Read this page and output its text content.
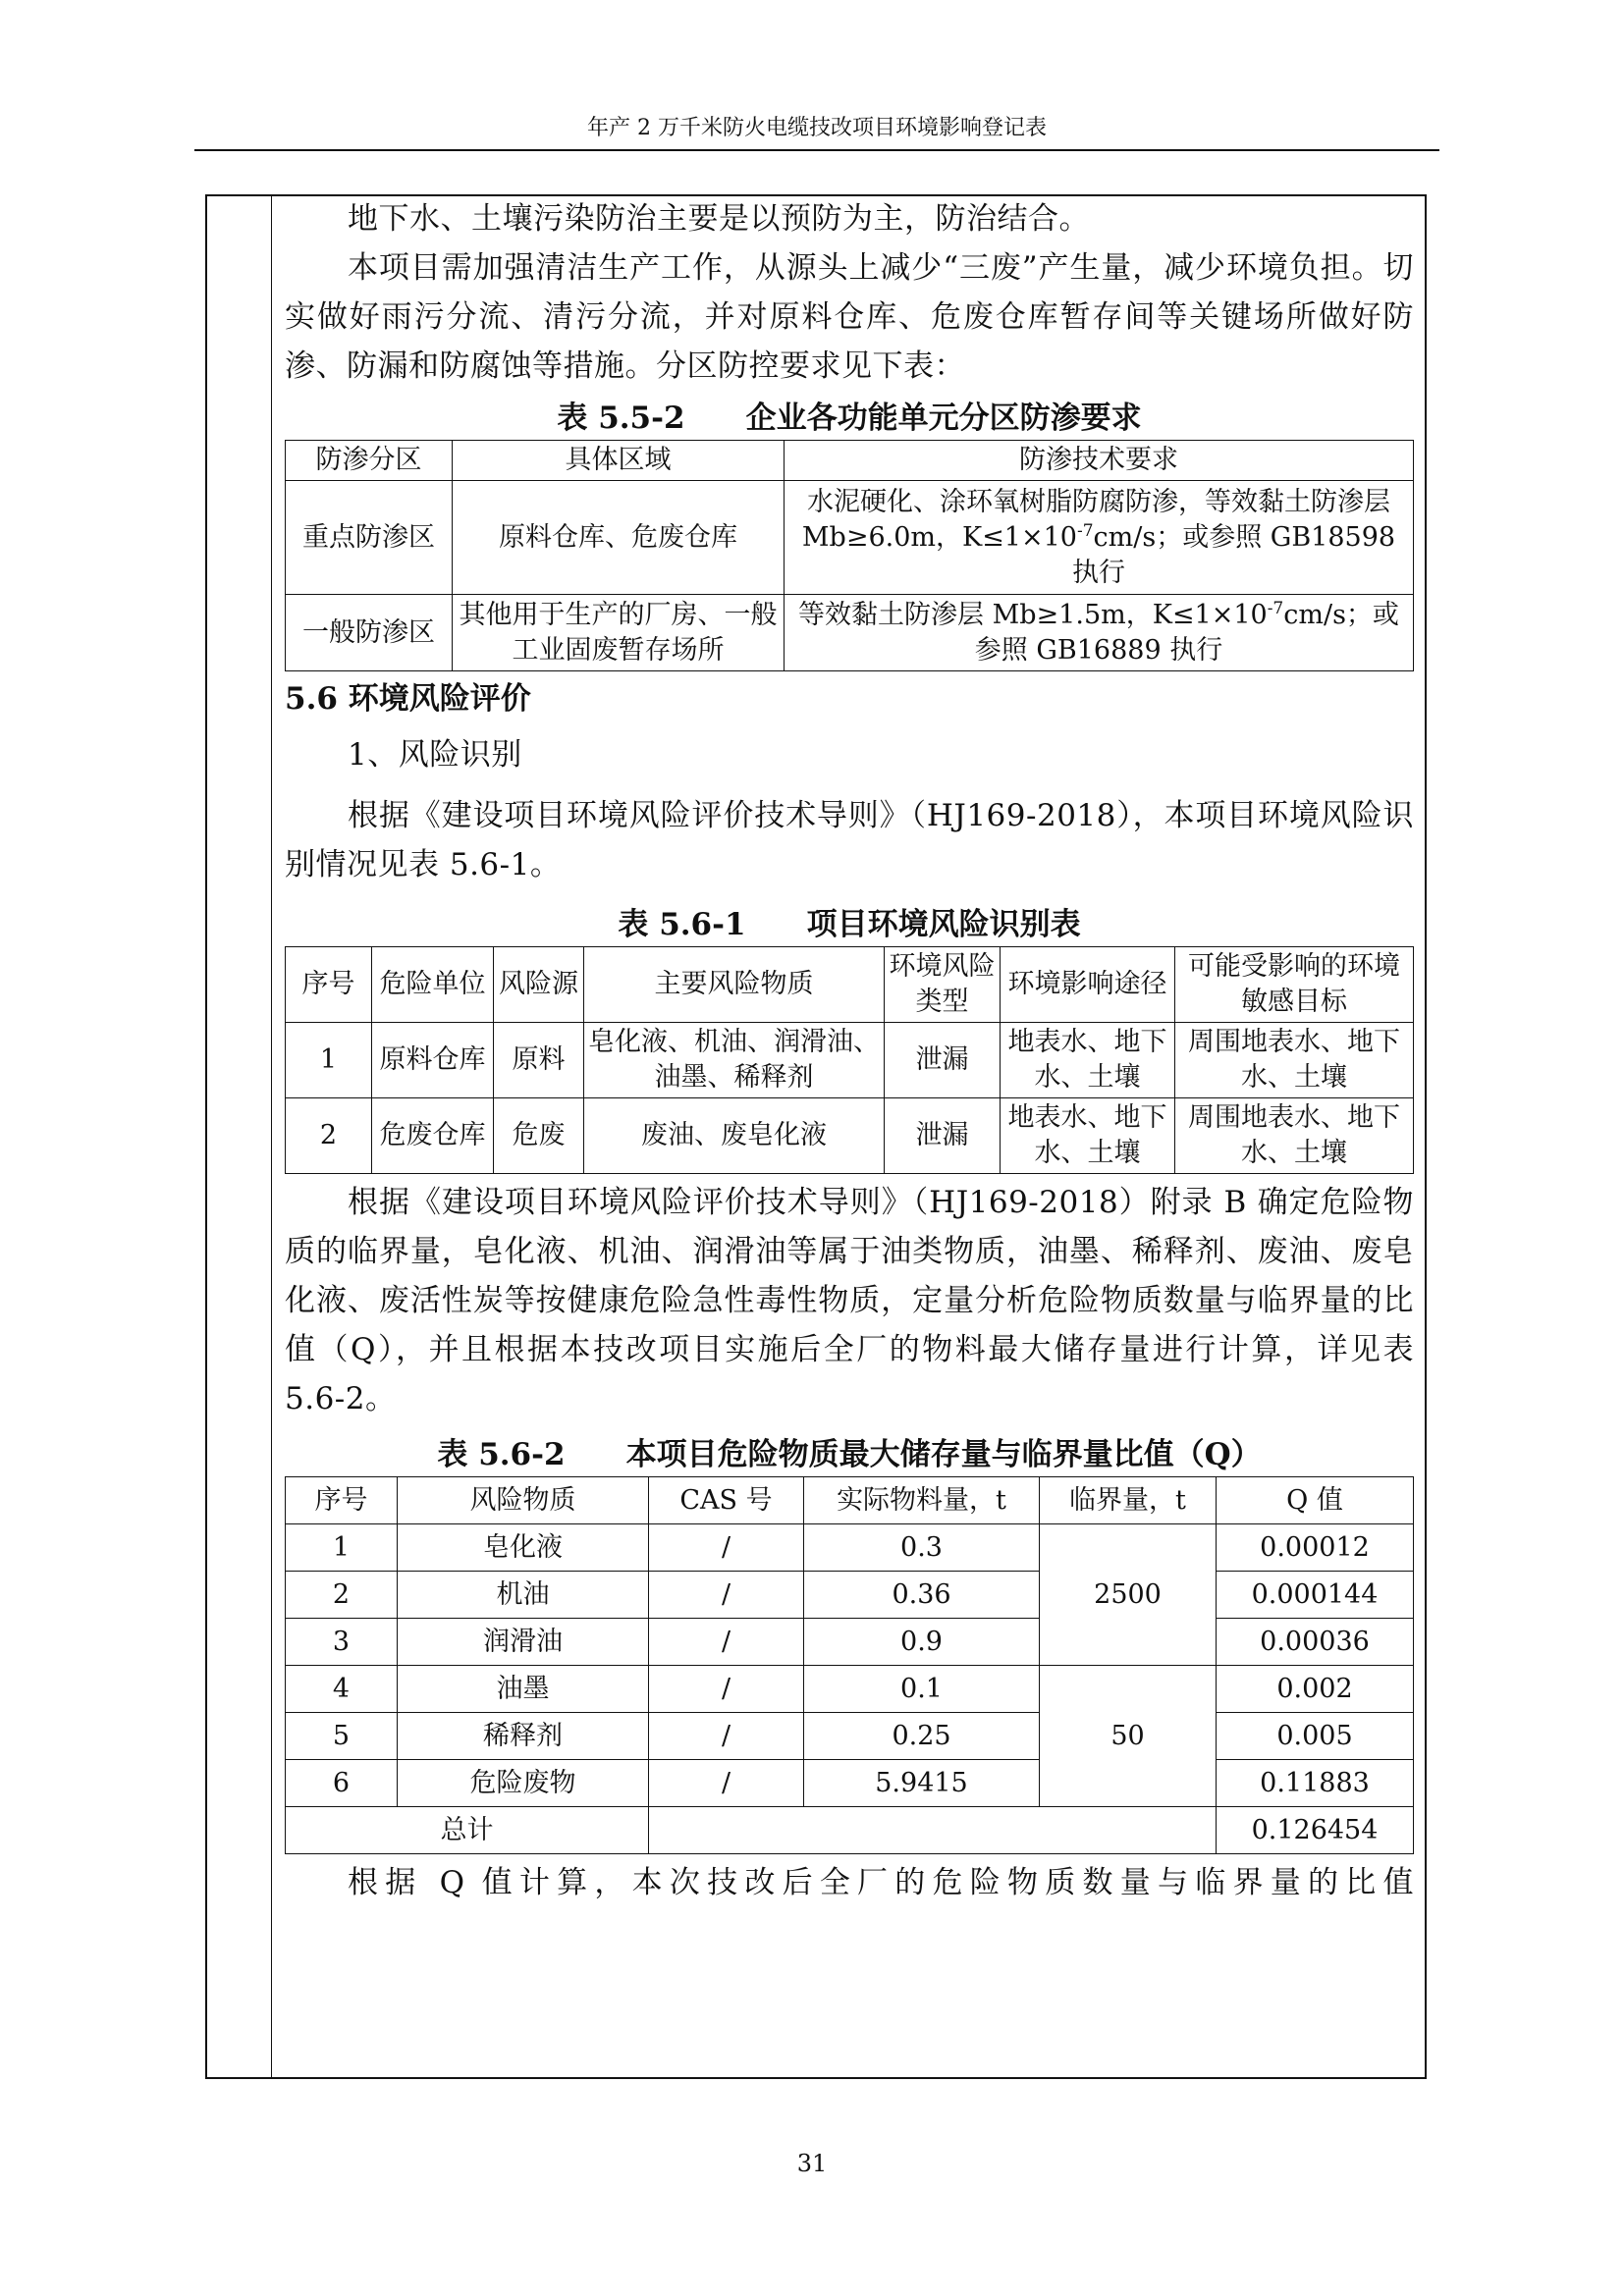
年产 2 万千米防火电缆技改项目环境影响登记表

地下水、土壤污染防治主要是以预防为主，防治结合。

本项目需加强清洁生产工作，从源头上减少“三废”产生量，减少环境负担。切实做好雨污分流、清污分流，并对原料仓库、危废仓库暂存间等关键场所做好防渗、防漏和防腐蚀等措施。分区防控要求见下表：

表 5.5-2　　企业各功能单元分区防渗要求
防渗分区	具体区域	防渗技术要求
重点防渗区	原料仓库、危废仓库	水泥硬化、涂环氧树脂防腐防渗，等效黏土防渗层 Mb≥6.0m，$K\le 1\times 10^{-7}cm/s$；或参照 GB18598 执行
一般防渗区	其他用于生产的厂房、一般工业固废暂存场所	等效黏土防渗层 Mb≥1.5m，$K\le 1\times 10^{-7}cm/s$；或参照 GB16889 执行
5.6 环境风险评价

1、风险识别

根据《建设项目环境风险评价技术导则》（HJ169-2018），本项目环境风险识别情况见表 5.6-1。

表 5.6-1　　项目环境风险识别表
序号	危险单位	风险源	主要风险物质	环境风险类型	环境影响途径	可能受影响的环境敏感目标
1	原料仓库	原料	皂化液、机油、润滑油、油墨、稀释剂	泄漏	地表水、地下水、土壤	周围地表水、地下水、土壤
2	危废仓库	危废	废油、废皂化液	泄漏	地表水、地下水、土壤	周围地表水、地下水、土壤

根据《建设项目环境风险评价技术导则》（HJ169-2018）附录 B 确定危险物质的临界量，皂化液、机油、润滑油等属于油类物质，油墨、稀释剂、废油、废皂化液、废活性炭等按健康危险急性毒性物质，定量分析危险物质数量与临界量的比值（Q），并且根据本技改项目实施后全厂的物料最大储存量进行计算，详见表 5.6-2。

表 5.6-2　　本项目危险物质最大储存量与临界量比值（Q）
序号	风险物质	CAS 号	实际物料量，t	临界量，t	Q 值
1	皂化液	/	0.3	2500	0.00012
2	机油	/	0.36		0.000144
3	润滑油	/	0.9		0.00036
4	油墨	/	0.1	50	0.002
5	稀释剂	/	0.25		0.005
6	危险废物	/	5.9415		0.11883
总计					0.126454

根据 Q 值计算，本次技改后全厂的危险物质数量与临界量的比值

31
